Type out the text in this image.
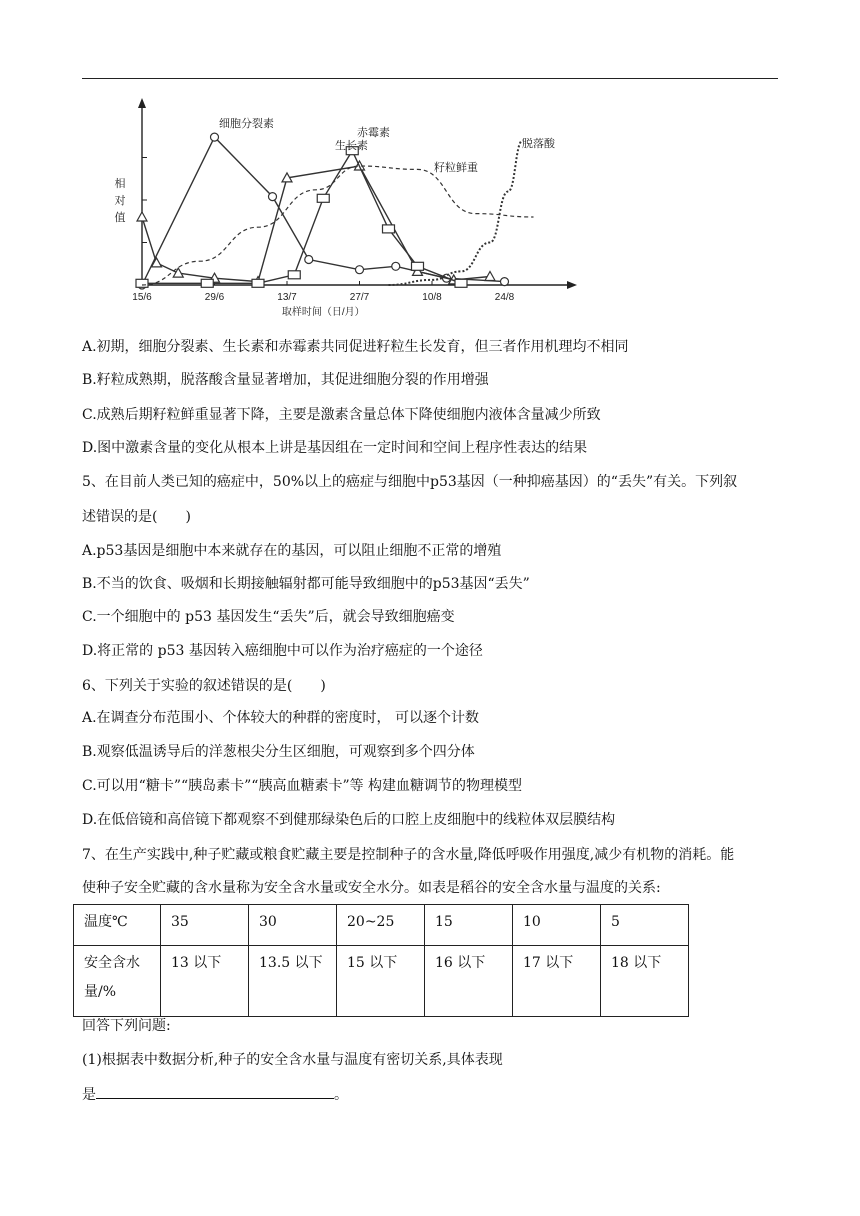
15/6	29/6	13/7	27/7	10/8	24/8
取样时间（日/月）
相对值
细胞分裂素
生长素
赤霉素
籽粒鲜重
脱落酸
A.初期，细胞分裂素、生长素和赤霉素共同促进籽粒生长发育，但三者作用机理均不相同
B.籽粒成熟期，脱落酸含量显著增加，其促进细胞分裂的作用增强
C.成熟后期籽粒鲜重显著下降，主要是激素含量总体下降使细胞内液体含量减少所致
D.图中激素含量的变化从根本上讲是基因组在一定时间和空间上程序性表达的结果
5、在目前人类已知的癌症中，50%以上的癌症与细胞中p53基因（一种抑癌基因）的“丢失”有关。下列叙
述错误的是(　　)
A.p53基因是细胞中本来就存在的基因，可以阻止细胞不正常的增殖
B.不当的饮食、吸烟和长期接触辐射都可能导致细胞中的p53基因“丢失”
C.一个细胞中的 p53 基因发生“丢失”后，就会导致细胞癌变
D.将正常的 p53 基因转入癌细胞中可以作为治疗癌症的一个途径
6、下列关于实验的叙述错误的是(　　)
A.在调查分布范围小、个体较大的种群的密度时， 可以逐个计数
B.观察低温诱导后的洋葱根尖分生区细胞，可观察到多个四分体
C.可以用“糖卡”“胰岛素卡”“胰高血糖素卡”等 构建血糖调节的物理模型
D.在低倍镜和高倍镜下都观察不到健那绿染色后的口腔上皮细胞中的线粒体双层膜结构
7、在生产实践中,种子贮藏或粮食贮藏主要是控制种子的含水量,降低呼吸作用强度,减少有机物的消耗。能
使种子安全贮藏的含水量称为安全含水量或安全水分。如表是稻谷的安全含水量与温度的关系:
温度℃	35	30	20~25	15	10	5
安全含水
量/%	13 以下	13.5 以下	15 以下	16 以下	17 以下	18 以下
回答下列问题:
(1)根据表中数据分析,种子的安全含水量与温度有密切关系,具体表现
是	。
